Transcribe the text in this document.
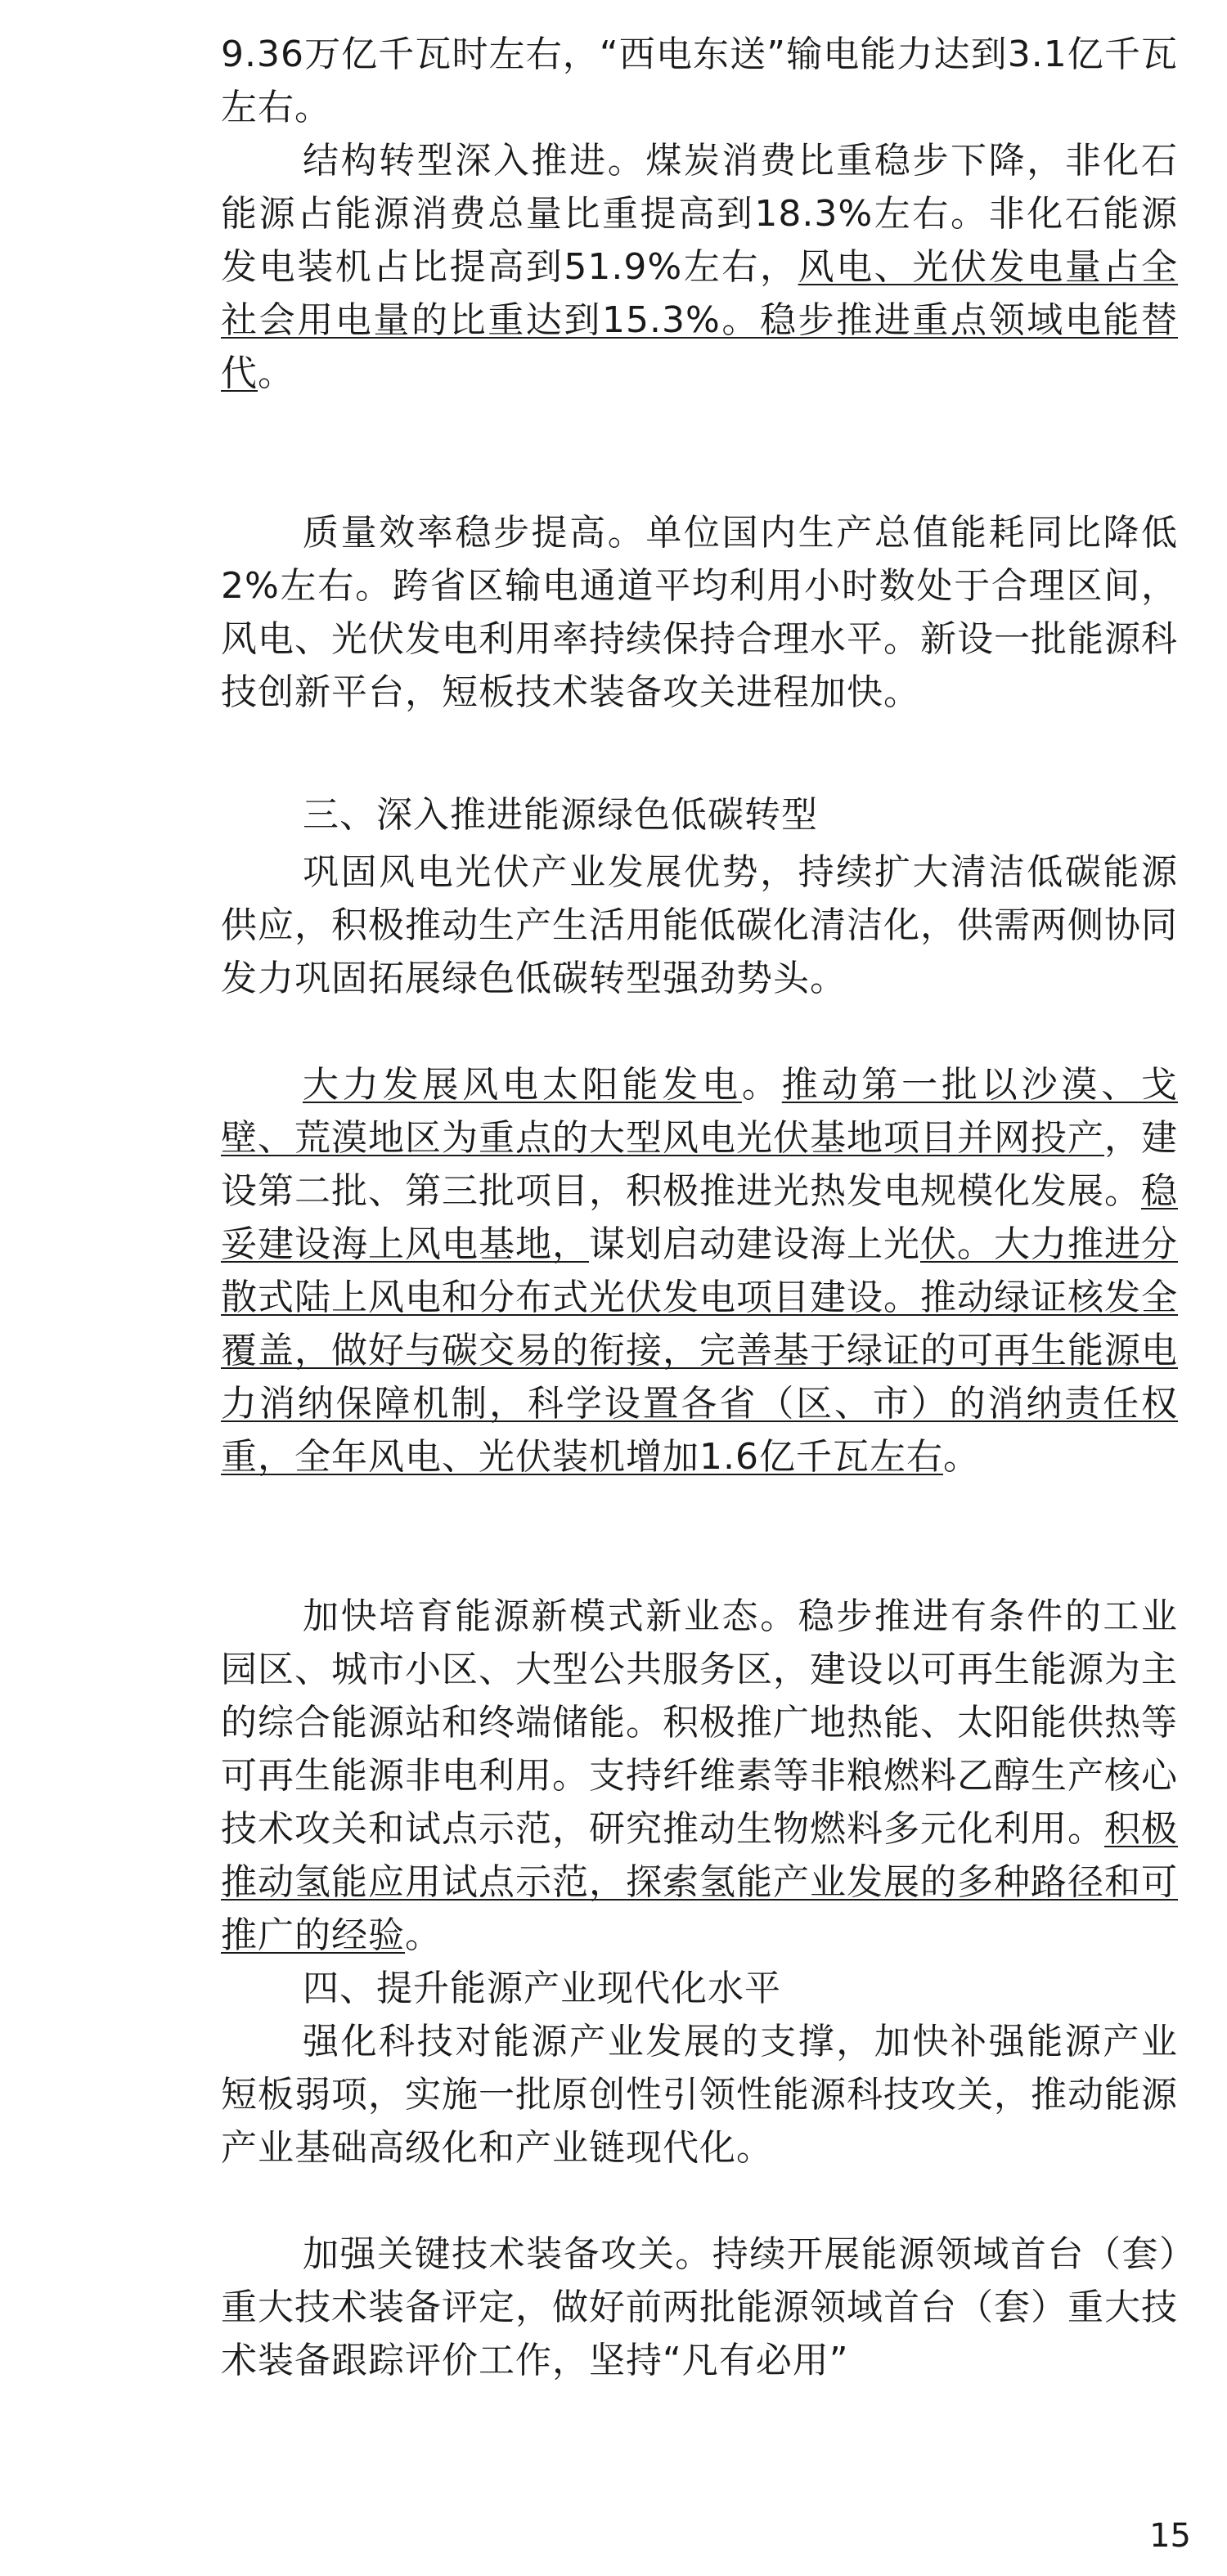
9.36万亿千瓦时左右，“西电东送”输电能力达到3.1亿千瓦左右。

结构转型深入推进。煤炭消费比重稳步下降，非化石能源占能源消费总量比重提高到18.3%左右。非化石能源发电装机占比提高到51.9%左右，风电、光伏发电量占全社会用电量的比重达到15.3%。稳步推进重点领域电能替代。

质量效率稳步提高。单位国内生产总值能耗同比降低2%左右。跨省区输电通道平均利用小时数处于合理区间，风电、光伏发电利用率持续保持合理水平。新设一批能源科技创新平台，短板技术装备攻关进程加快。

三、深入推进能源绿色低碳转型

巩固风电光伏产业发展优势，持续扩大清洁低碳能源供应，积极推动生产生活用能低碳化清洁化，供需两侧协同发力巩固拓展绿色低碳转型强劲势头。

大力发展风电太阳能发电。推动第一批以沙漠、戈壁、荒漠地区为重点的大型风电光伏基地项目并网投产，建设第二批、第三批项目，积极推进光热发电规模化发展。稳妥建设海上风电基地，谋划启动建设海上光伏。大力推进分散式陆上风电和分布式光伏发电项目建设。推动绿证核发全覆盖，做好与碳交易的衔接，完善基于绿证的可再生能源电力消纳保障机制，科学设置各省（区、市）的消纳责任权重，全年风电、光伏装机增加1.6亿千瓦左右。

加快培育能源新模式新业态。稳步推进有条件的工业园区、城市小区、大型公共服务区，建设以可再生能源为主的综合能源站和终端储能。积极推广地热能、太阳能供热等可再生能源非电利用。支持纤维素等非粮燃料乙醇生产核心技术攻关和试点示范，研究推动生物燃料多元化利用。积极推动氢能应用试点示范，探索氢能产业发展的多种路径和可推广的经验。

四、提升能源产业现代化水平

强化科技对能源产业发展的支撑，加快补强能源产业短板弱项，实施一批原创性引领性能源科技攻关，推动能源产业基础高级化和产业链现代化。

加强关键技术装备攻关。持续开展能源领域首台（套）重大技术装备评定，做好前两批能源领域首台（套）重大技术装备跟踪评价工作，坚持“凡有必用”

15
